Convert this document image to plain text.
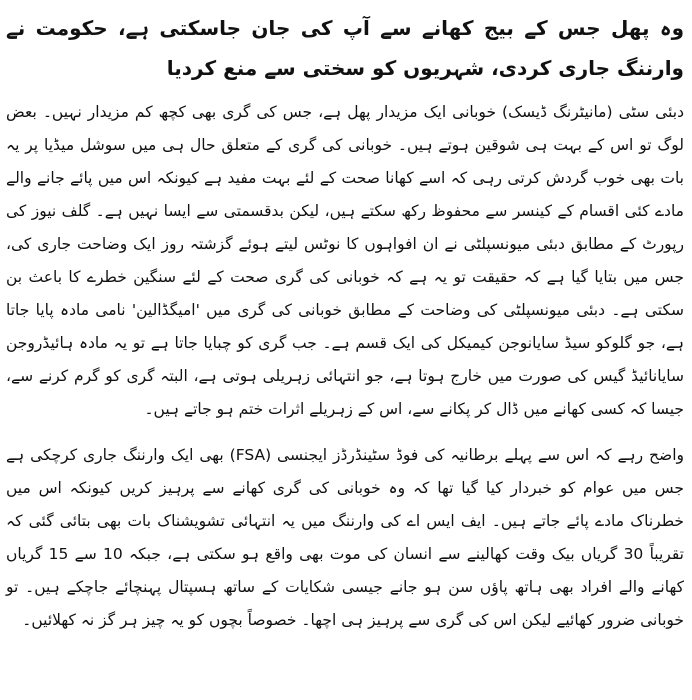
وہ پھل جس کے بیج کھانے سے آپ کی جان جاسکتی ہے، حکومت نے وارننگ جاری کردی، شہریوں کو سختی سے منع کردیا

دبئی سٹی (مانیٹرنگ ڈیسک) خوبانی ایک مزیدار پھل ہے، جس کی گری بھی کچھ کم مزیدار نہیں۔ بعض لوگ تو اس کے بہت ہی شوقین ہوتے ہیں۔ خوبانی کی گری کے متعلق حال ہی میں سوشل میڈیا پر یہ بات بھی خوب گردش کرتی رہی کہ اسے کھانا صحت کے لئے بہت مفید ہے کیونکہ اس میں پائے جانے والے مادے کئی اقسام کے کینسر سے محفوظ رکھ سکتے ہیں، لیکن بدقسمتی سے ایسا نہیں ہے۔ گلف نیوز کی رپورٹ کے مطابق دبئی میونسپلٹی نے ان افواہوں کا نوٹس لیتے ہوئے گزشتہ روز ایک وضاحت جاری کی، جس میں بتایا گیا ہے کہ حقیقت تو یہ ہے کہ خوبانی کی گری صحت کے لئے سنگین خطرے کا باعث بن سکتی ہے۔ دبئی میونسپلٹی کی وضاحت کے مطابق خوبانی کی گری میں 'امیگڈالین' نامی مادہ پایا جاتا ہے، جو گلوکو سیڈ سایانوجن کیمیکل کی ایک قسم ہے۔ جب گری کو چبایا جاتا ہے تو یہ مادہ ہائیڈروجن سایانائیڈ گیس کی صورت میں خارج ہوتا ہے، جو انتہائی زہریلی ہوتی ہے، البتہ گری کو گرم کرنے سے، جیسا کہ کسی کھانے میں ڈال کر پکانے سے، اس کے زہریلے اثرات ختم ہو جاتے ہیں۔

واضح رہے کہ اس سے پہلے برطانیہ کی فوڈ سٹینڈرڈز ایجنسی (FSA) بھی ایک وارننگ جاری کرچکی ہے جس میں عوام کو خبردار کیا گیا تھا کہ وہ خوبانی کی گری کھانے سے پرہیز کریں کیونکہ اس میں خطرناک مادے پائے جاتے ہیں۔ ایف ایس اے کی وارننگ میں یہ انتہائی تشویشناک بات بھی بتائی گئی کہ تقریباً 30 گریاں بیک وقت کھالینے سے انسان کی موت بھی واقع ہو سکتی ہے، جبکہ 10 سے 15 گریاں کھانے والے افراد بھی ہاتھ پاﺅں سن ہو جانے جیسی شکایات کے ساتھ ہسپتال پہنچائے جاچکے ہیں۔ تو خوبانی ضرور کھائیے لیکن اس کی گری سے پرہیز ہی اچھا۔ خصوصاً بچوں کو یہ چیز ہر گز نہ کھلائیں۔
